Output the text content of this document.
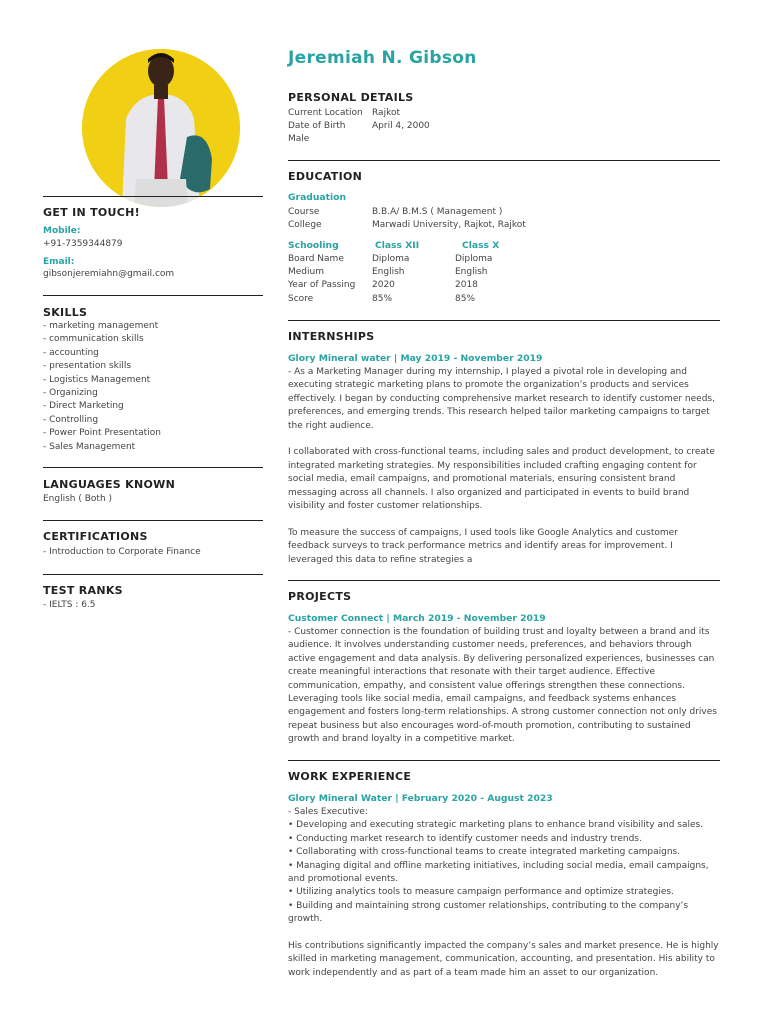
GET IN TOUCH!
Mobile:
+91-7359344879
Email:
gibsonjeremiahn@gmail.com
SKILLS
- marketing management
- communication skills
- accounting
- presentation skills
- Logistics Management
- Organizing
- Direct Marketing
- Controlling
- Power Point Presentation
- Sales Management
LANGUAGES KNOWN
English ( Both )
CERTIFICATIONS
- Introduction to Corporate Finance
TEST RANKS
- IELTS : 6.5
Jeremiah N. Gibson
PERSONAL DETAILS
Current Location Rajkot
Date of Birth	April 4, 2000
Male
EDUCATION
Graduation
Course	B.B.A/ B.M.S ( Management )
College	Marwadi University, Rajkot, Rajkot
Schooling	Class XII	Class X
Board Name	Diploma	Diploma
Medium	English	English
Year of Passing 2020	2018
Score	85%	85%
INTERNSHIPS
Glory Mineral water | May 2019 - November 2019
- As a Marketing Manager during my internship, I played a pivotal role in developing and executing strategic marketing plans to promote the organization’s products and services effectively. I began by conducting comprehensive market research to identify customer needs, preferences, and emerging trends. This research helped tailor marketing campaigns to target the right audience.
I collaborated with cross-functional teams, including sales and product development, to create integrated marketing strategies. My responsibilities included crafting engaging content for social media, email campaigns, and promotional materials, ensuring consistent brand messaging across all channels. I also organized and participated in events to build brand visibility and foster customer relationships.
To measure the success of campaigns, I used tools like Google Analytics and customer feedback surveys to track performance metrics and identify areas for improvement. I leveraged this data to refine strategies a
PROJECTS
Customer Connect | March 2019 - November 2019
- Customer connection is the foundation of building trust and loyalty between a brand and its audience. It involves understanding customer needs, preferences, and behaviors through active engagement and data analysis. By delivering personalized experiences, businesses can create meaningful interactions that resonate with their target audience. Effective communication, empathy, and consistent value offerings strengthen these connections. Leveraging tools like social media, email campaigns, and feedback systems enhances engagement and fosters long-term relationships. A strong customer connection not only drives repeat business but also encourages word-of-mouth promotion, contributing to sustained growth and brand loyalty in a competitive market.
WORK EXPERIENCE
Glory Mineral Water | February 2020 - August 2023
- Sales Executive:
• Developing and executing strategic marketing plans to enhance brand visibility and sales.
• Conducting market research to identify customer needs and industry trends.
• Collaborating with cross-functional teams to create integrated marketing campaigns.
• Managing digital and offline marketing initiatives, including social media, email campaigns, and promotional events.
• Utilizing analytics tools to measure campaign performance and optimize strategies.
• Building and maintaining strong customer relationships, contributing to the company’s growth.
His contributions significantly impacted the company’s sales and market presence. He is highly skilled in marketing management, communication, accounting, and presentation. His ability to work independently and as part of a team made him an asset to our organization.
